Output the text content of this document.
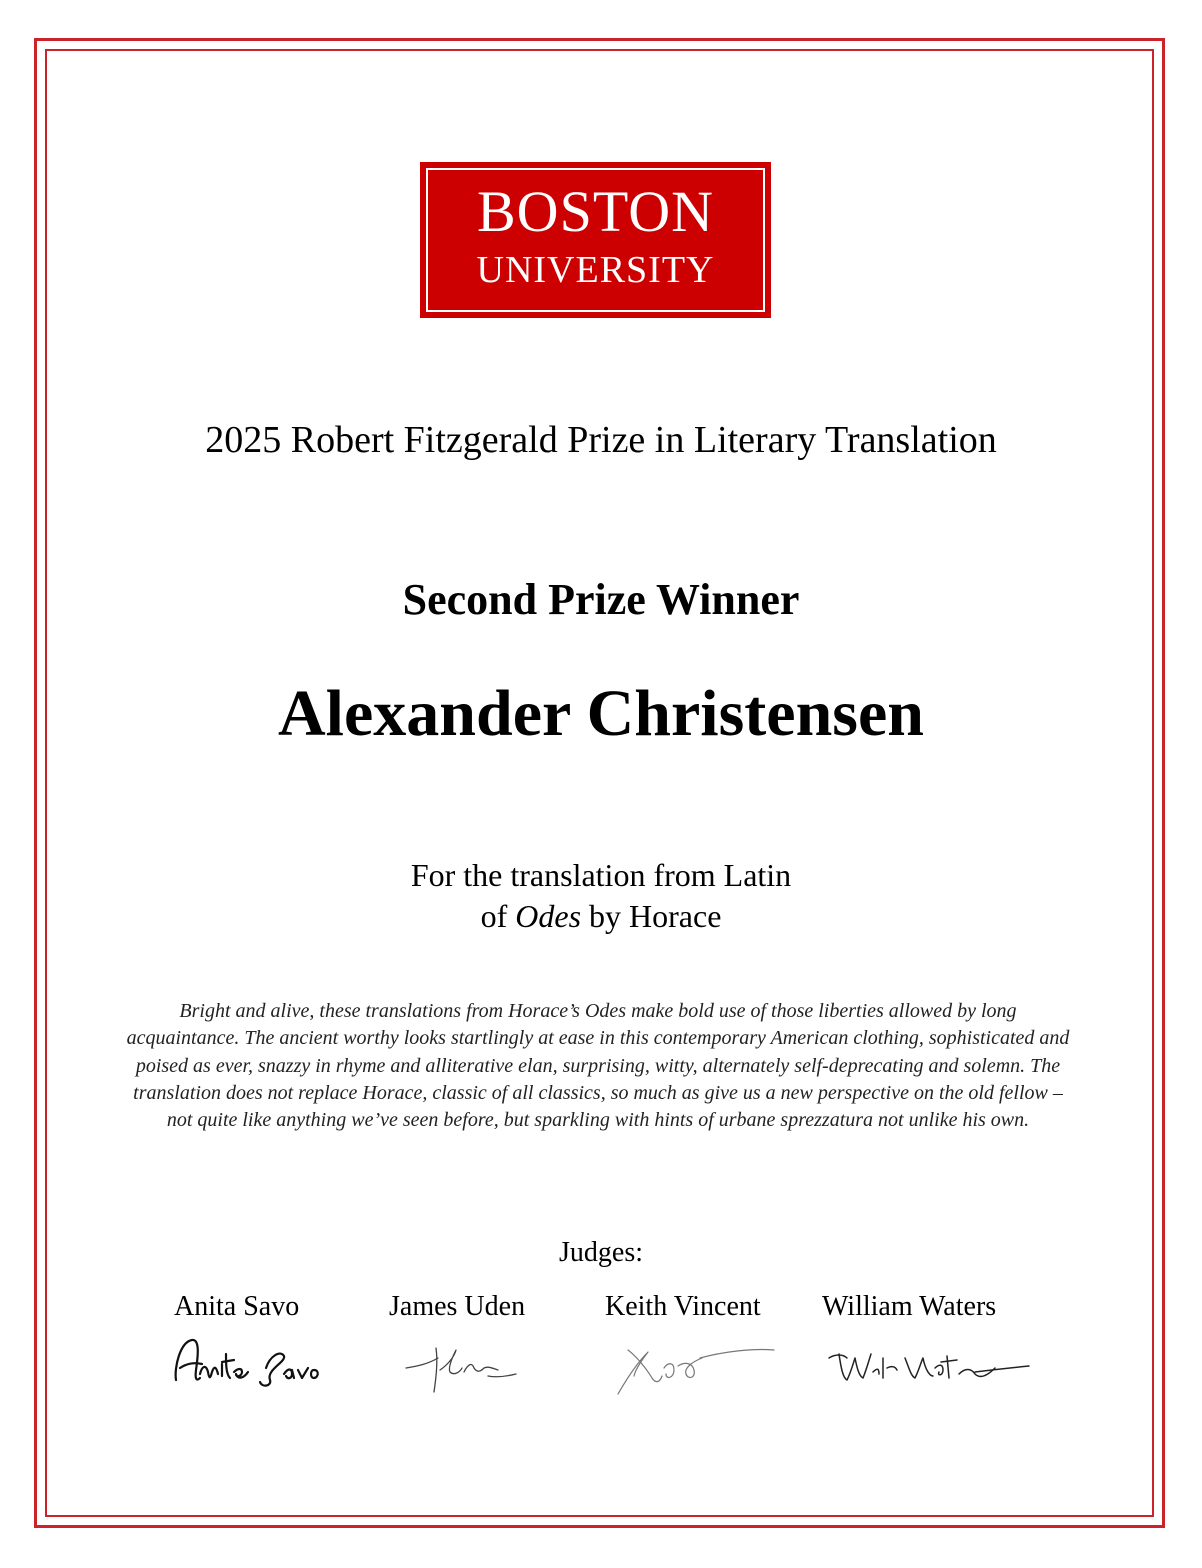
BOSTON
UNIVERSITY
2025 Robert Fitzgerald Prize in Literary Translation
Second Prize Winner
Alexander Christensen
For the translation from Latin
of Odes by Horace
Bright and alive, these translations from Horace’s Odes make bold use of those liberties allowed by long acquaintance. The ancient worthy looks startlingly at ease in this contemporary American clothing, sophisticated and poised as ever, snazzy in rhyme and alliterative elan, surprising, witty, alternately self-deprecating and solemn. The translation does not replace Horace, classic of all classics, so much as give us a new perspective on the old fellow – not quite like anything we’ve seen before, but sparkling with hints of urbane sprezzatura not unlike his own.
Judges:
Anita Savo	James Uden	Keith Vincent William Waters
